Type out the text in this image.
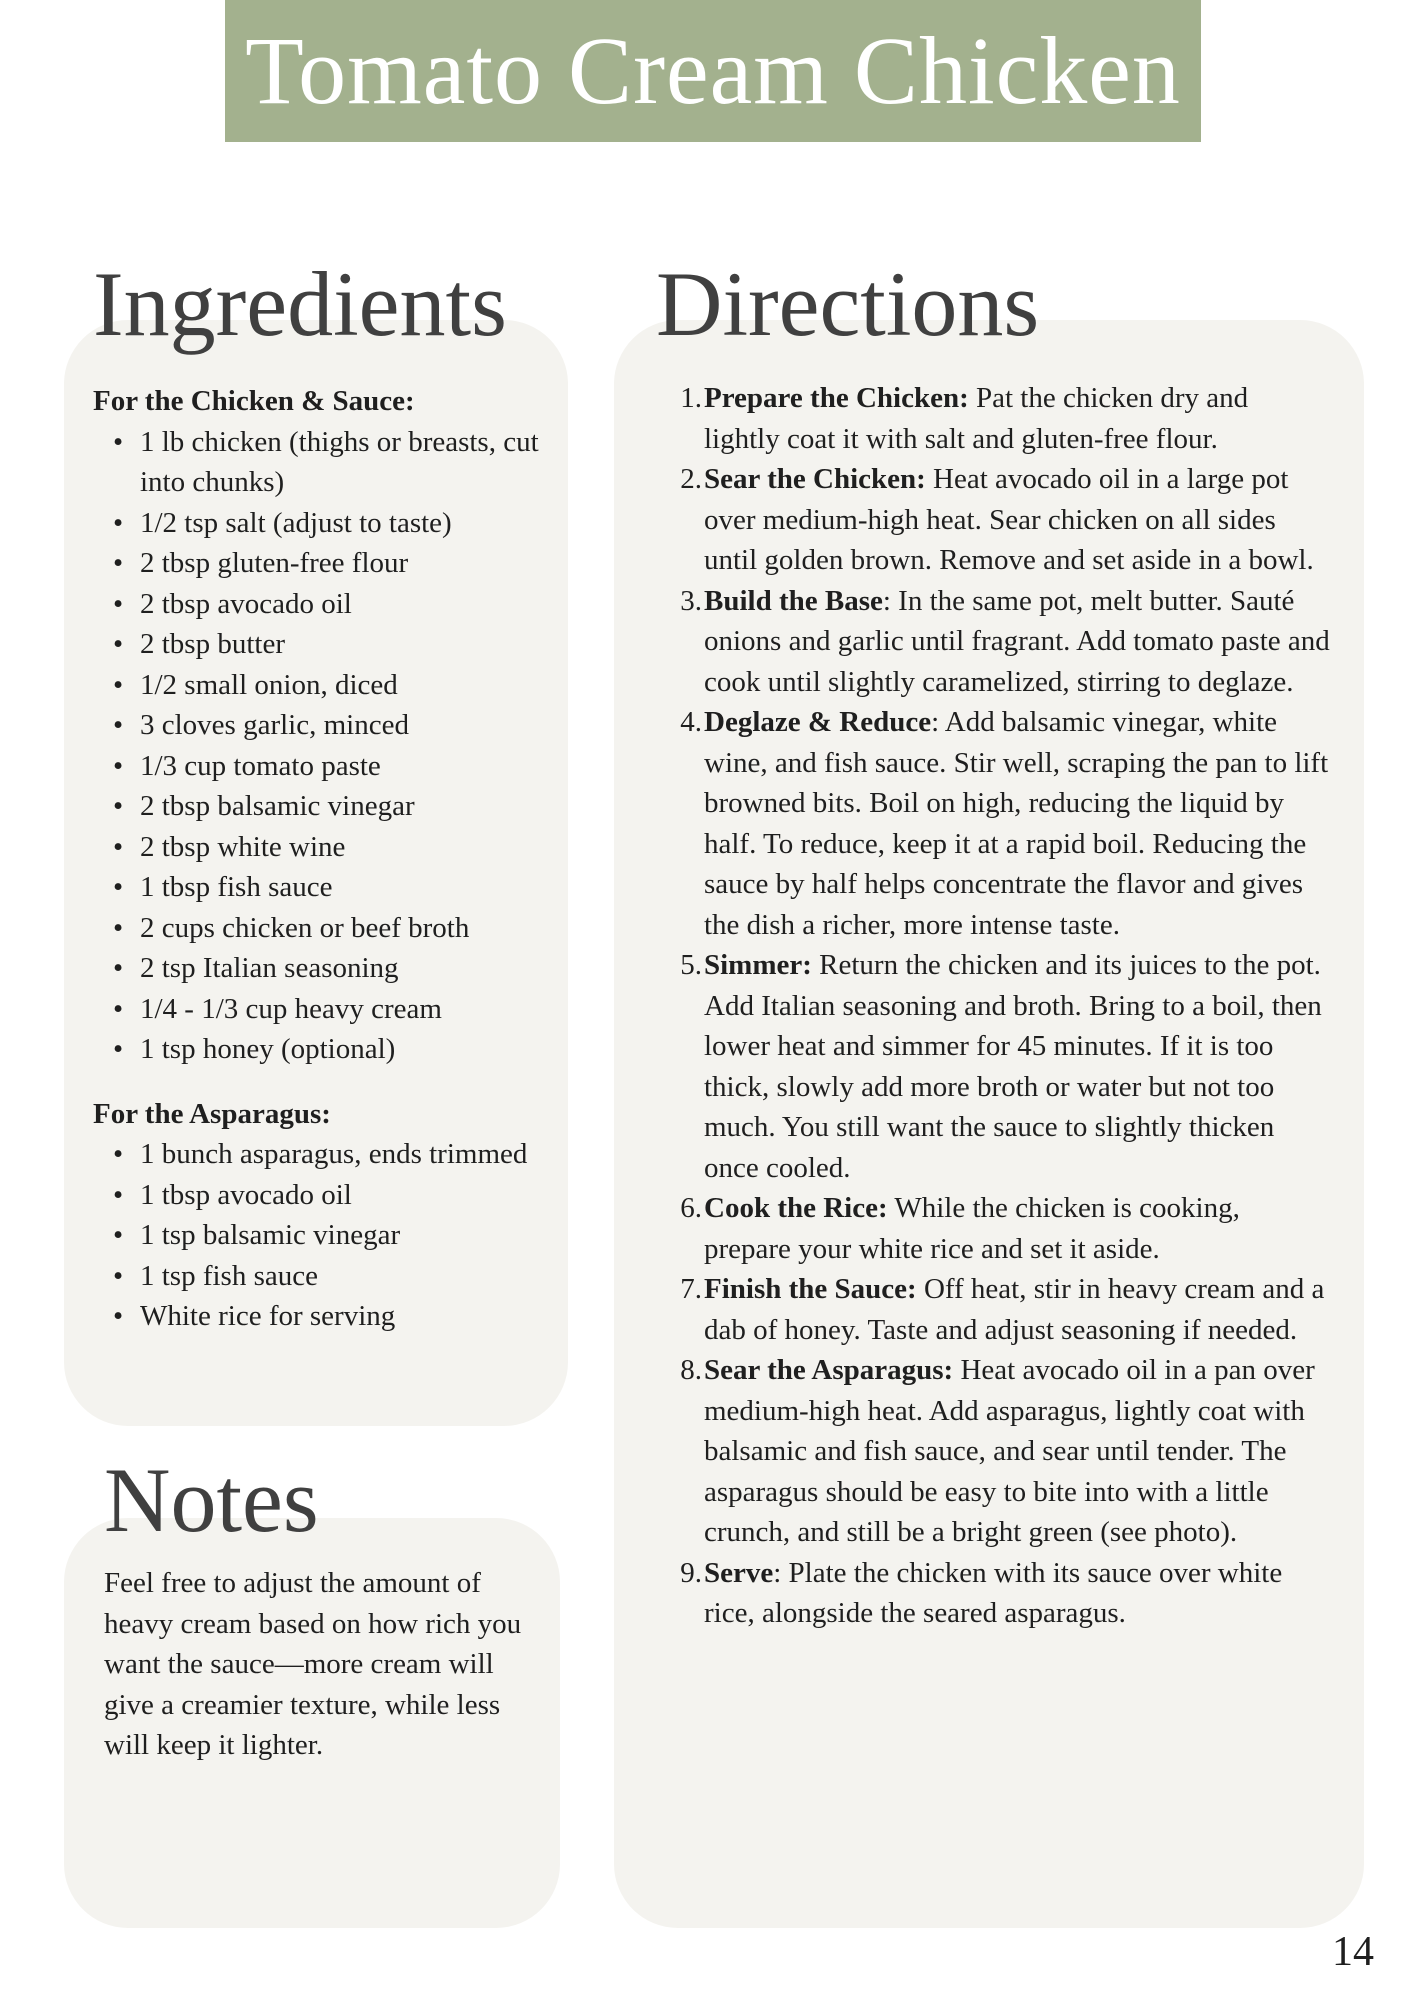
Tomato Cream Chicken
Ingredients Directions
Notes

For the Chicken & Sauce:

• 1 lb chicken (thighs or breasts, cut into chunks)
• 1/2 tsp salt (adjust to taste)
• 2 tbsp gluten-free flour
• 2 tbsp avocado oil
• 2 tbsp butter
• 1/2 small onion, diced
• 3 cloves garlic, minced
• 1/3 cup tomato paste
• 2 tbsp balsamic vinegar
• 2 tbsp white wine
• 1 tbsp fish sauce
• 2 cups chicken or beef broth
• 2 tsp Italian seasoning
• 1/4 - 1/3 cup heavy cream
• 1 tsp honey (optional)

For the Asparagus:

• 1 bunch asparagus, ends trimmed
• 1 tbsp avocado oil
• 1 tsp balsamic vinegar
• 1 tsp fish sauce
• White rice for serving
Feel free to adjust the amount of heavy cream based on how rich you want the sauce—more cream will give a creamier texture, while less will keep it lighter.
1. Prepare the Chicken: Pat the chicken dry and lightly coat it with salt and gluten-free flour.
2. Sear the Chicken: Heat avocado oil in a large pot over medium-high heat. Sear chicken on all sides until golden brown. Remove and set aside in a bowl.
3. Build the Base: In the same pot, melt butter. Sauté onions and garlic until fragrant. Add tomato paste and cook until slightly caramelized, stirring to deglaze.
4. Deglaze & Reduce: Add balsamic vinegar, white wine, and fish sauce. Stir well, scraping the pan to lift browned bits. Boil on high, reducing the liquid by half. To reduce, keep it at a rapid boil. Reducing the sauce by half helps concentrate the flavor and gives the dish a richer, more intense taste.
5. Simmer: Return the chicken and its juices to the pot. Add Italian seasoning and broth. Bring to a boil, then lower heat and simmer for 45 minutes. If it is too thick, slowly add more broth or water but not too much. You still want the sauce to slightly thicken once cooled.
6. Cook the Rice: While the chicken is cooking, prepare your white rice and set it aside.
7. Finish the Sauce: Off heat, stir in heavy cream and a dab of honey. Taste and adjust seasoning if needed.
8. Sear the Asparagus: Heat avocado oil in a pan over medium-high heat. Add asparagus, lightly coat with balsamic and fish sauce, and sear until tender. The asparagus should be easy to bite into with a little crunch, and still be a bright green (see photo).
9. Serve: Plate the chicken with its sauce over white rice, alongside the seared asparagus.
14
